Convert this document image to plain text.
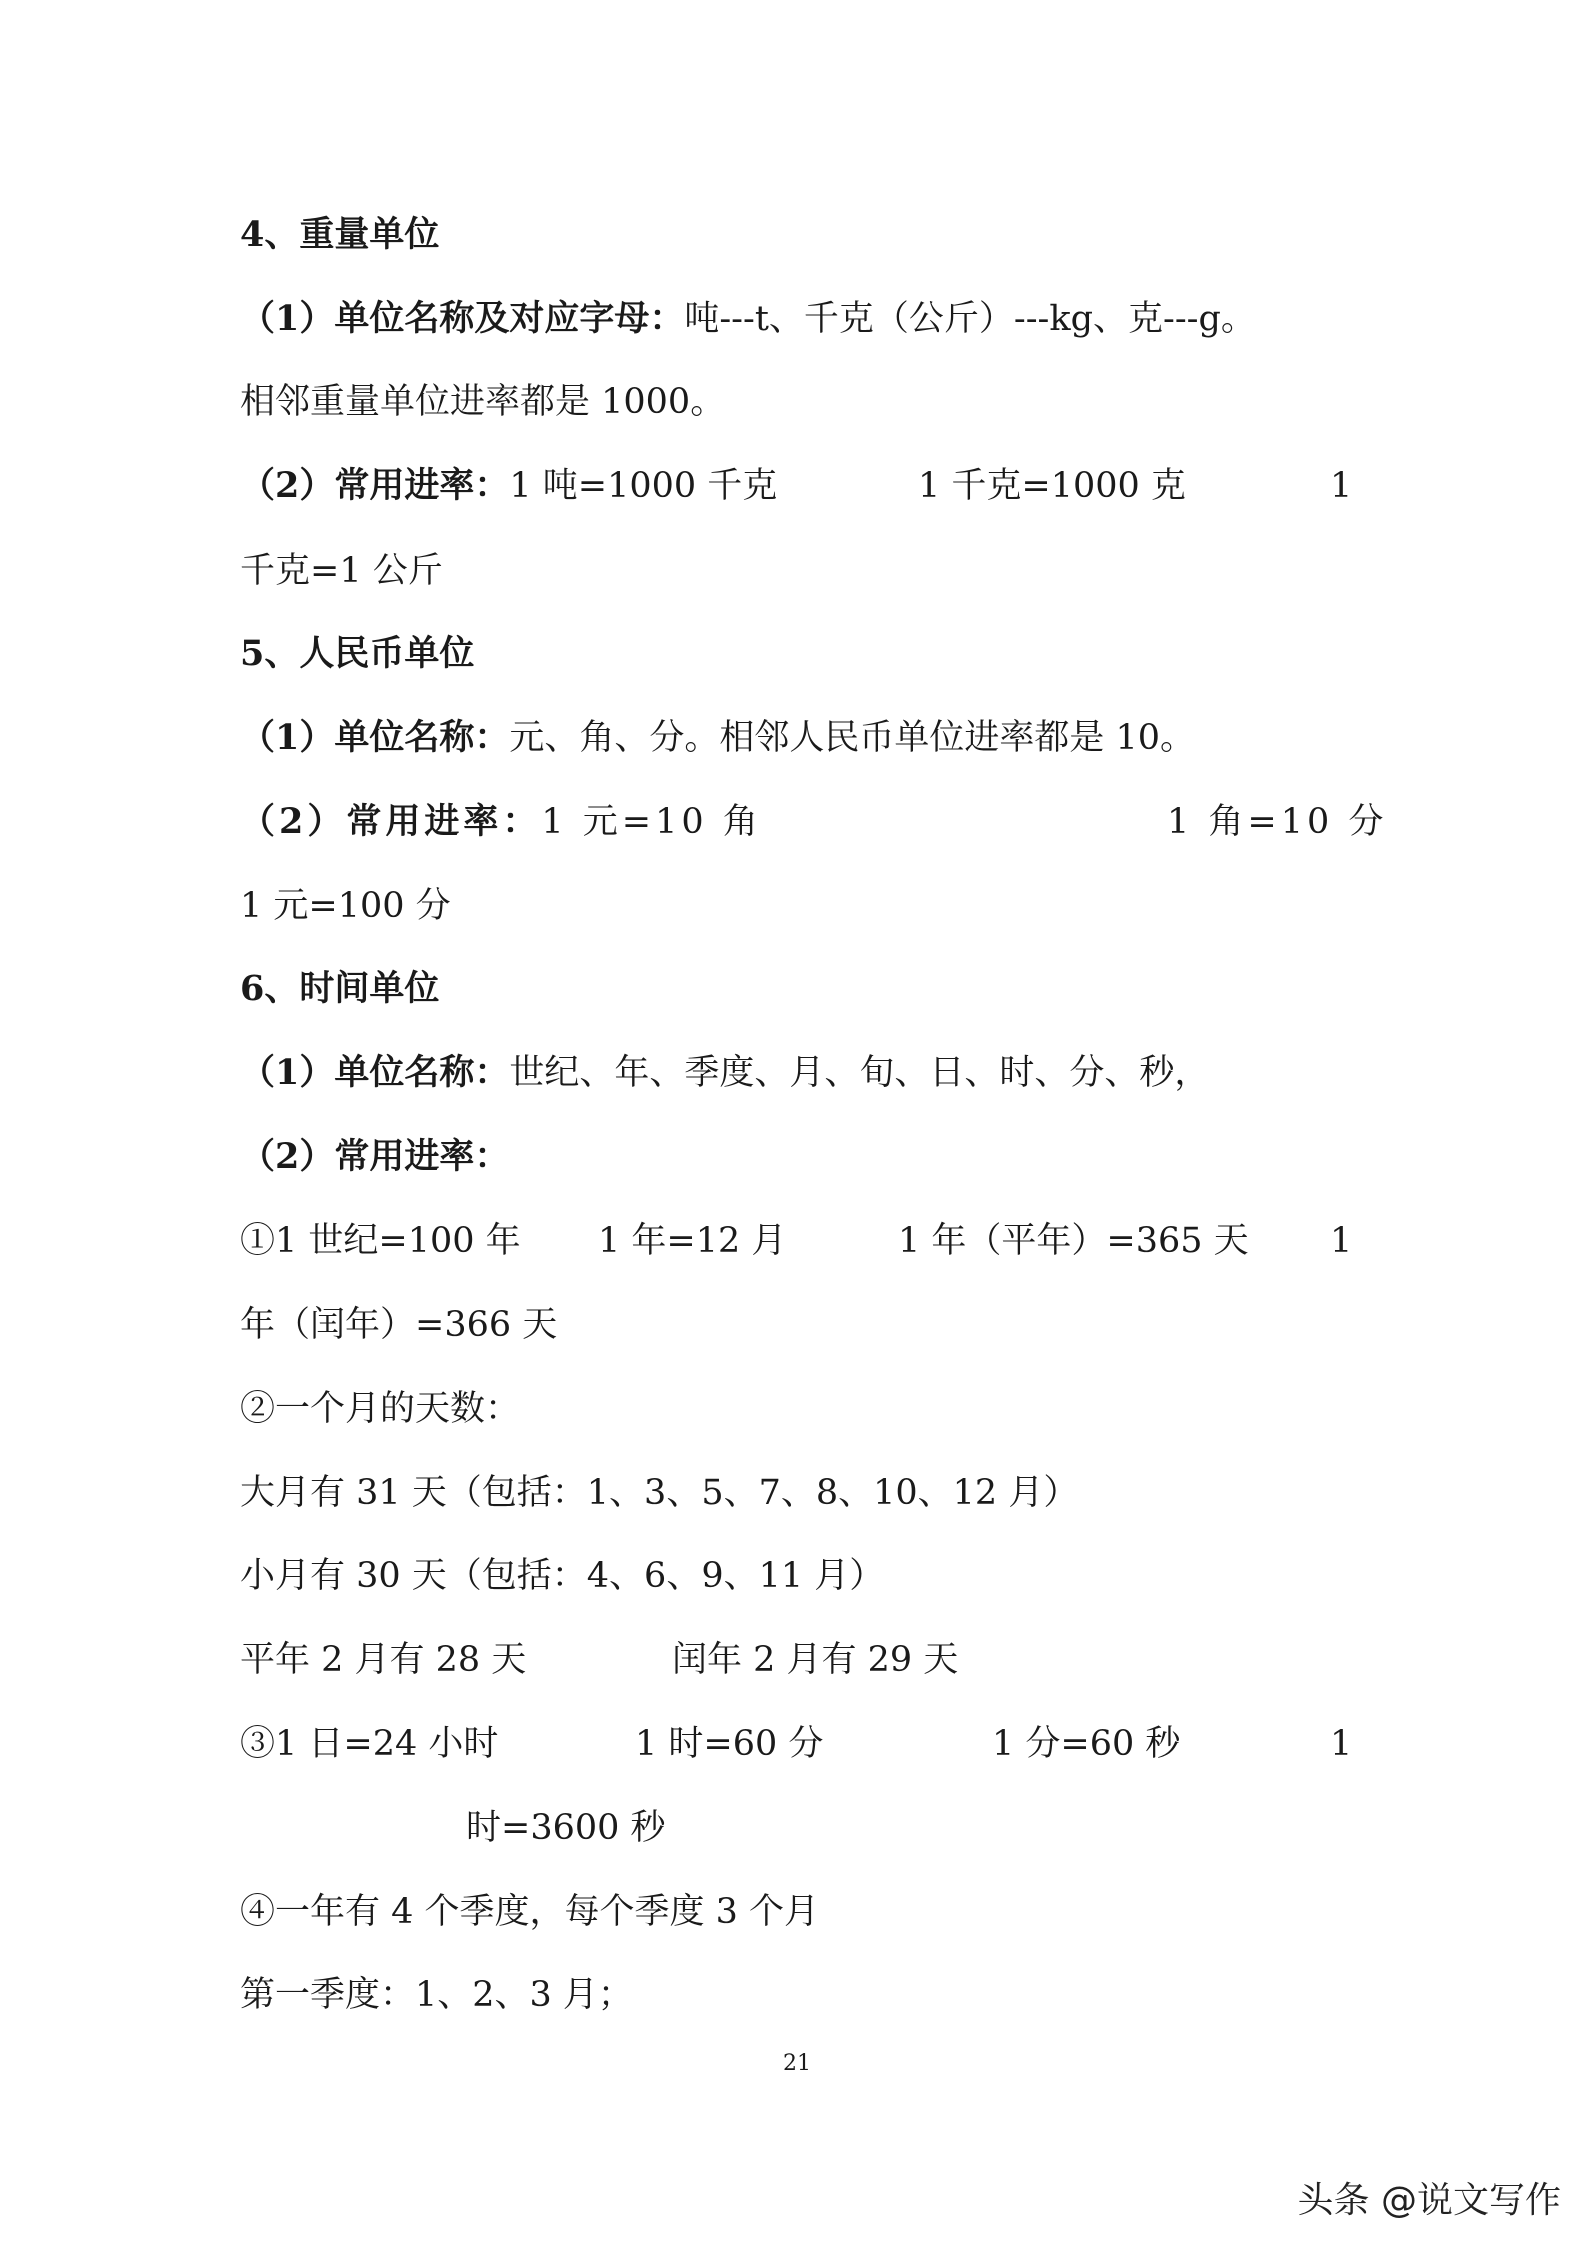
4、重量单位
（1）单位名称及对应字母：吨---t、千克（公斤）---kg、克---g。
相邻重量单位进率都是 1000。
（2）常用进率：1 吨=1000 千克	1 千克=1000 克	1
千克=1 公斤
5、人民币单位
（1）单位名称：元、角、分。相邻人民币单位进率都是 10。
（2）常用进率：1 元=10 角	1 角=10 分
1 元=100 分
6、时间单位
（1）单位名称：世纪、年、季度、月、旬、日、时、分、秒，
（2）常用进率：
①1 世纪=100 年 1 年=12 月	1 年（平年）=365 天 1
年（闰年）=366 天
②一个月的天数：
大月有 31 天（包括：1、3、5、7、8、10、12 月）
小月有 30 天（包括：4、6、9、11 月）
平年 2 月有 28 天	闰年 2 月有 29 天
③1 日=24 小时	1 时=60 分	1 分=60 秒	1
时=3600 秒
④一年有 4 个季度，每个季度 3 个月
第一季度：1、2、3 月；
21
头条 @说文写作
